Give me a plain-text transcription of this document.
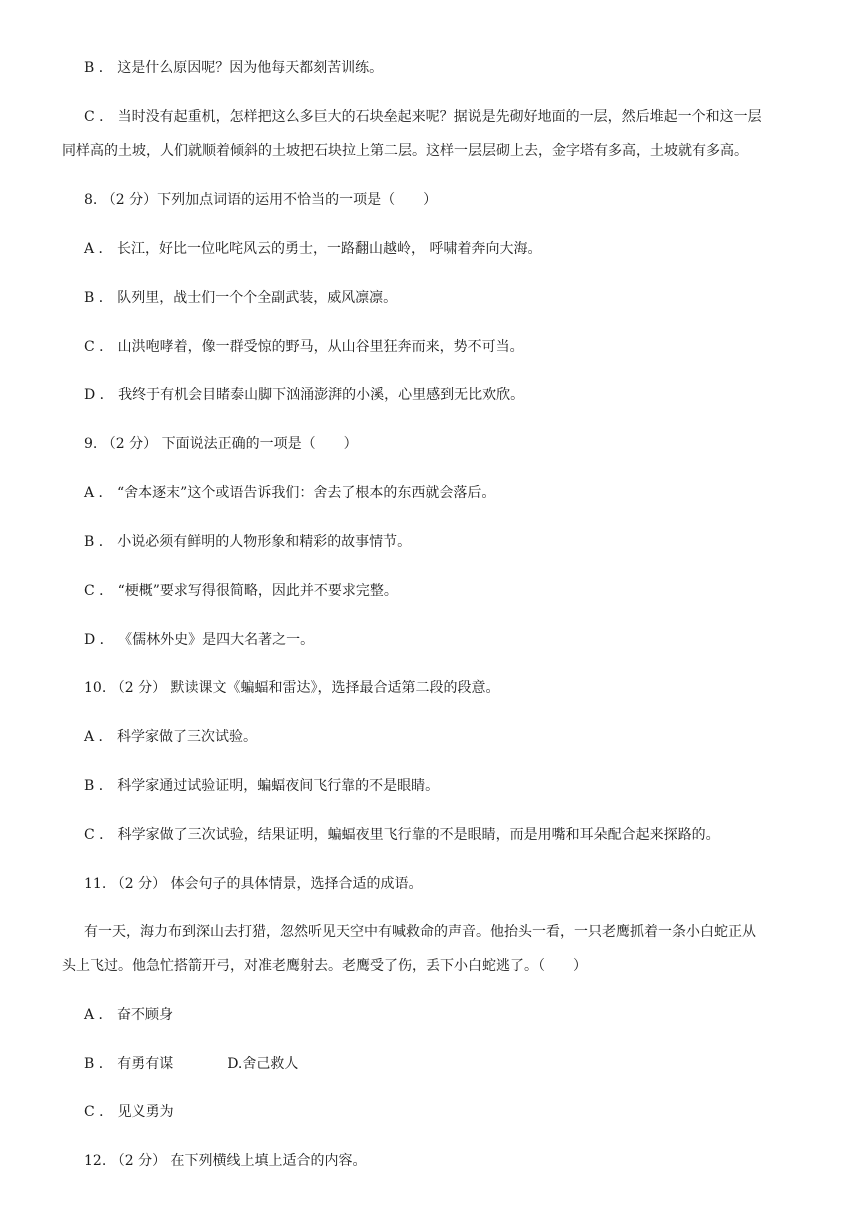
B ． 这是什么原因呢？因为他每天都刻苦训练。
C ． 当时没有起重机，怎样把这么多巨大的石块垒起来呢？据说是先砌好地面的一层，然后堆起一个和这一层
同样高的土坡，人们就顺着倾斜的土坡把石块拉上第二层。这样一层层砌上去，金字塔有多高，土坡就有多高。
8. （2 分）下列加点词语的运用不恰当的一项是（　　）
A ． 长江，好比一位叱咤风云的勇士，一路翻山越岭， 呼啸着奔向大海。
B ． 队列里，战士们一个个全副武装，威风凛凛。
C ． 山洪咆哮着，像一群受惊的野马，从山谷里狂奔而来，势不可当。
D ． 我终于有机会目睹泰山脚下汹涌澎湃的小溪，心里感到无比欢欣。
9. （2 分） 下面说法正确的一项是（　　）
A ． “舍本逐末”这个或语告诉我们：舍去了根本的东西就会落后。
B ． 小说必须有鲜明的人物形象和精彩的故事情节。
C ． “梗概”要求写得很简略，因此并不要求完整。
D ． 《儒林外史》是四大名著之一。
10. （2 分） 默读课文《蝙蝠和雷达》，选择最合适第二段的段意。
A ． 科学家做了三次试验。
B ． 科学家通过试验证明，蝙蝠夜间飞行靠的不是眼睛。
C ． 科学家做了三次试验，结果证明，蝙蝠夜里飞行靠的不是眼睛，而是用嘴和耳朵配合起来探路的。
11. （2 分） 体会句子的具体情景，选择合适的成语。
有一天，海力布到深山去打猎，忽然听见天空中有喊救命的声音。他抬头一看，一只老鹰抓着一条小白蛇正从
头上飞过。他急忙搭箭开弓，对准老鹰射去。老鹰受了伤，丢下小白蛇逃了。（　　）
A ． 奋不顾身
B ． 有勇有谋	D.舍己救人
C ． 见义勇为
12. （2 分） 在下列横线上填上适合的内容。
